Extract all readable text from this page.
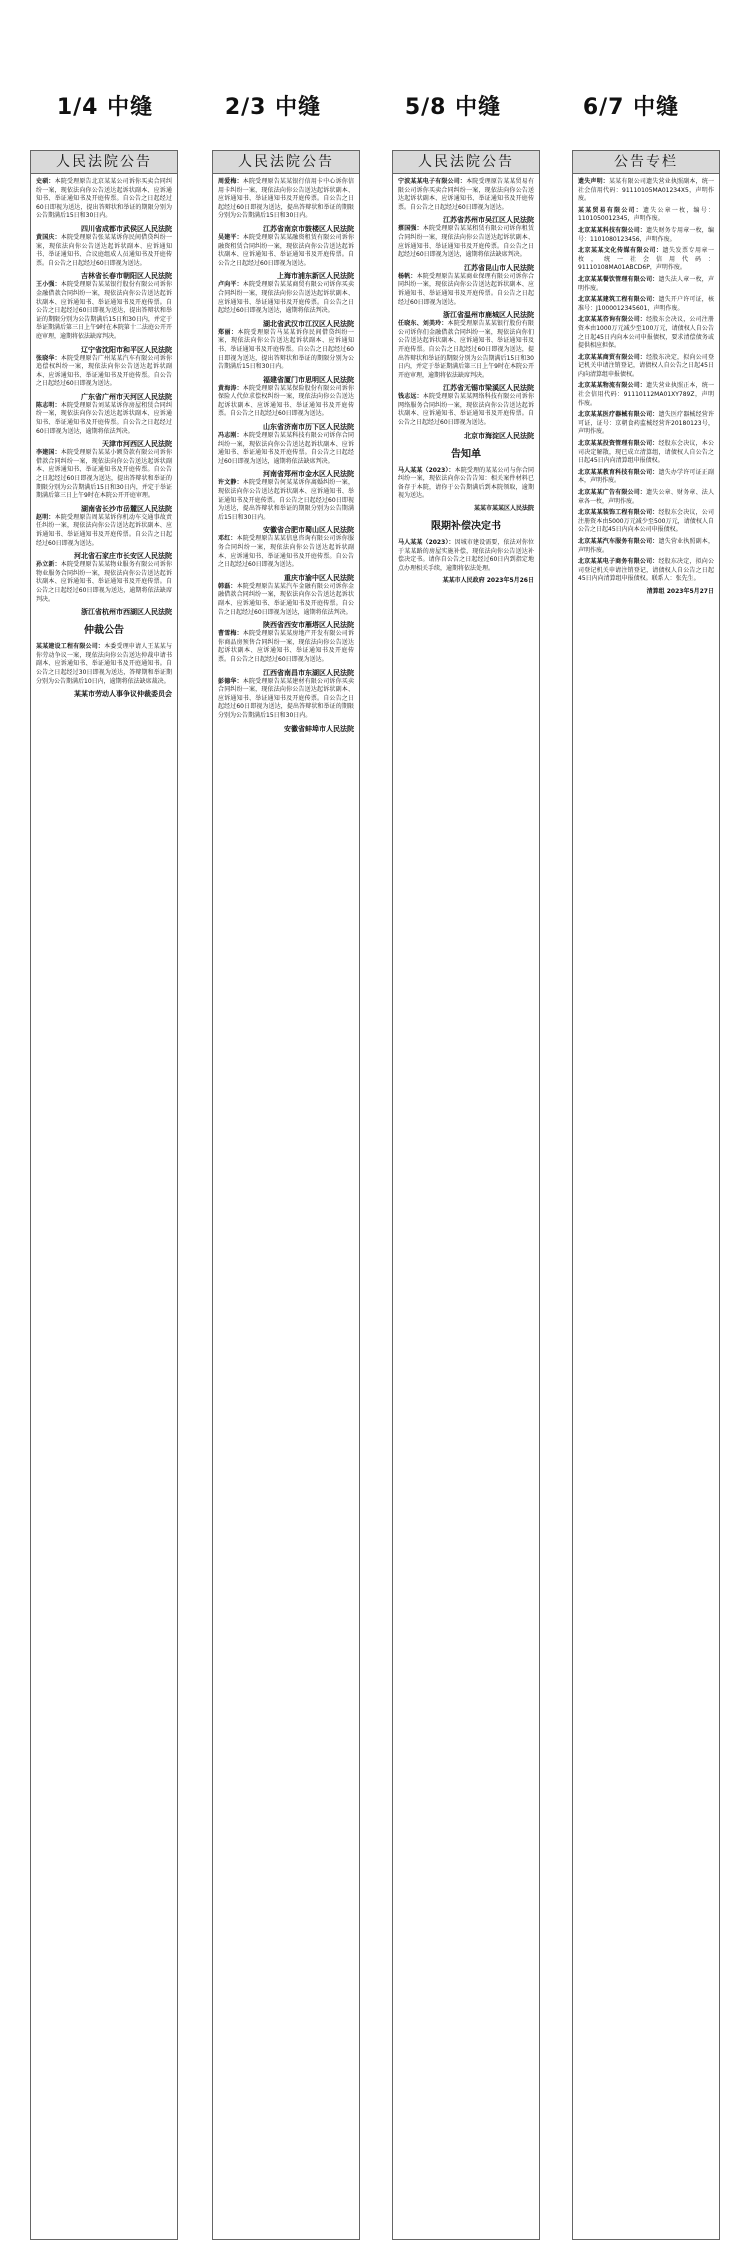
1/4 中缝	2/3 中缝	5/8 中缝	6/7 中缝
人民法院公告
史硕：本院受理原告北京某某公司诉你买卖合同纠纷一案，现依法向你公告送达起诉状副本、应诉通知书、举证通知书及开庭传票。自公告之日起经过60日即视为送达，提出答辩状和举证的期限分别为公告期满后15日和30日内。
四川省成都市武侯区人民法院
黄国庆：本院受理原告张某某诉你民间借贷纠纷一案，现依法向你公告送达起诉状副本、应诉通知书、举证通知书、合议庭组成人员通知书及开庭传票。自公告之日起经过60日即视为送达。
吉林省长春市朝阳区人民法院
王小强：本院受理原告某某银行股份有限公司诉你金融借款合同纠纷一案，现依法向你公告送达起诉状副本、应诉通知书、举证通知书及开庭传票。自公告之日起经过60日即视为送达，提出答辩状和举证的期限分别为公告期满后15日和30日内，并定于举证期满后第三日上午9时在本院第十二法庭公开开庭审理，逾期将依法缺席判决。
辽宁省沈阳市和平区人民法院
张晓华：本院受理原告广州某某汽车有限公司诉你追偿权纠纷一案，现依法向你公告送达起诉状副本、应诉通知书、举证通知书及开庭传票。自公告之日起经过60日即视为送达。
广东省广州市天河区人民法院
陈志明：本院受理原告刘某某诉你房屋租赁合同纠纷一案，现依法向你公告送达起诉状副本、应诉通知书、举证通知书及开庭传票。自公告之日起经过60日即视为送达，逾期将依法判决。
天津市河西区人民法院
李建国：本院受理原告某某小额贷款有限公司诉你借款合同纠纷一案，现依法向你公告送达起诉状副本、应诉通知书、举证通知书及开庭传票。自公告之日起经过60日即视为送达，提出答辩状和举证的期限分别为公告期满后15日和30日内，并定于举证期满后第三日上午9时在本院公开开庭审理。
湖南省长沙市岳麓区人民法院
赵明：本院受理原告周某某诉你机动车交通事故责任纠纷一案，现依法向你公告送达起诉状副本、应诉通知书、举证通知书及开庭传票。自公告之日起经过60日即视为送达。
河北省石家庄市长安区人民法院
孙立新：本院受理原告某某物业服务有限公司诉你物业服务合同纠纷一案，现依法向你公告送达起诉状副本、应诉通知书、举证通知书及开庭传票。自公告之日起经过60日即视为送达，逾期将依法缺席判决。
浙江省杭州市西湖区人民法院
仲裁公告
某某建设工程有限公司：本委受理申请人王某某与你劳动争议一案，现依法向你公告送达仲裁申请书副本、应诉通知书、举证通知书及开庭通知书。自公告之日起经过30日即视为送达，答辩期和举证期分别为公告期满后10日内，逾期将依法缺席裁决。
某某市劳动人事争议仲裁委员会
人民法院公告
周爱梅：本院受理原告某某银行信用卡中心诉你信用卡纠纷一案，现依法向你公告送达起诉状副本、应诉通知书、举证通知书及开庭传票。自公告之日起经过60日即视为送达，提出答辩状和举证的期限分别为公告期满后15日和30日内。
江苏省南京市鼓楼区人民法院
吴建平：本院受理原告某某融资租赁有限公司诉你融资租赁合同纠纷一案，现依法向你公告送达起诉状副本、应诉通知书、举证通知书及开庭传票。自公告之日起经过60日即视为送达。
上海市浦东新区人民法院
卢向平：本院受理原告某某商贸有限公司诉你买卖合同纠纷一案，现依法向你公告送达起诉状副本、应诉通知书、举证通知书及开庭传票。自公告之日起经过60日即视为送达，逾期将依法判决。
湖北省武汉市江汉区人民法院
郑丽：本院受理原告马某某诉你民间借贷纠纷一案，现依法向你公告送达起诉状副本、应诉通知书、举证通知书及开庭传票。自公告之日起经过60日即视为送达，提出答辩状和举证的期限分别为公告期满后15日和30日内。
福建省厦门市思明区人民法院
黄海涛：本院受理原告某某保险股份有限公司诉你保险人代位求偿权纠纷一案，现依法向你公告送达起诉状副本、应诉通知书、举证通知书及开庭传票。自公告之日起经过60日即视为送达。
山东省济南市历下区人民法院
冯志刚：本院受理原告某某科技有限公司诉你合同纠纷一案，现依法向你公告送达起诉状副本、应诉通知书、举证通知书及开庭传票。自公告之日起经过60日即视为送达，逾期将依法缺席判决。
河南省郑州市金水区人民法院
许文静：本院受理原告何某某诉你离婚纠纷一案，现依法向你公告送达起诉状副本、应诉通知书、举证通知书及开庭传票。自公告之日起经过60日即视为送达，提出答辩状和举证的期限分别为公告期满后15日和30日内。
安徽省合肥市蜀山区人民法院
邓红：本院受理原告某某信息咨询有限公司诉你服务合同纠纷一案，现依法向你公告送达起诉状副本、应诉通知书、举证通知书及开庭传票。自公告之日起经过60日即视为送达。
重庆市渝中区人民法院
韩磊：本院受理原告某某汽车金融有限公司诉你金融借款合同纠纷一案，现依法向你公告送达起诉状副本、应诉通知书、举证通知书及开庭传票。自公告之日起经过60日即视为送达，逾期将依法判决。
陕西省西安市雁塔区人民法院
曹雪梅：本院受理原告某某房地产开发有限公司诉你商品房预售合同纠纷一案，现依法向你公告送达起诉状副本、应诉通知书、举证通知书及开庭传票。自公告之日起经过60日即视为送达。
江西省南昌市东湖区人民法院
彭德华：本院受理原告某某建材有限公司诉你买卖合同纠纷一案，现依法向你公告送达起诉状副本、应诉通知书、举证通知书及开庭传票。自公告之日起经过60日即视为送达，提出答辩状和举证的期限分别为公告期满后15日和30日内。
安徽省蚌埠市人民法院
人民法院公告
宁波某某电子有限公司：本院受理原告某某贸易有限公司诉你买卖合同纠纷一案，现依法向你公告送达起诉状副本、应诉通知书、举证通知书及开庭传票。自公告之日起经过60日即视为送达。
江苏省苏州市吴江区人民法院
蔡国强：本院受理原告某某租赁有限公司诉你租赁合同纠纷一案，现依法向你公告送达起诉状副本、应诉通知书、举证通知书及开庭传票。自公告之日起经过60日即视为送达，逾期将依法缺席判决。
江苏省昆山市人民法院
杨帆：本院受理原告某某商业保理有限公司诉你合同纠纷一案，现依法向你公告送达起诉状副本、应诉通知书、举证通知书及开庭传票。自公告之日起经过60日即视为送达。
浙江省温州市鹿城区人民法院
任晓东、刘美玲：本院受理原告某某银行股份有限公司诉你们金融借款合同纠纷一案，现依法向你们公告送达起诉状副本、应诉通知书、举证通知书及开庭传票。自公告之日起经过60日即视为送达，提出答辩状和举证的期限分别为公告期满后15日和30日内，并定于举证期满后第三日上午9时在本院公开开庭审理，逾期将依法缺席判决。
江苏省无锡市梁溪区人民法院
钱志远：本院受理原告某某网络科技有限公司诉你网络服务合同纠纷一案，现依法向你公告送达起诉状副本、应诉通知书、举证通知书及开庭传票。自公告之日起经过60日即视为送达。
北京市海淀区人民法院
告知单
马人某某（2023）：本院受理的某某公司与你合同纠纷一案，现依法向你公告告知：相关案件材料已备存于本院，请你于公告期满后到本院领取，逾期视为送达。
某某市某某区人民法院
限期补偿决定书
马人某某（2023）：因城市建设需要，依法对你位于某某路的房屋实施补偿，现依法向你公告送达补偿决定书。请你自公告之日起经过60日内到指定地点办理相关手续，逾期将依法处理。
某某市人民政府 2023年5月26日
公告专栏
遗失声明：某某有限公司遗失营业执照副本，统一社会信用代码：91110105MA01234X5，声明作废。
某某贸易有限公司：遗失公章一枚，编号：1101050012345，声明作废。
北京某某科技有限公司：遗失财务专用章一枚，编号：1101080123456，声明作废。
北京某某文化传媒有限公司：遗失发票专用章一枚，统一社会信用代码：91110108MA01ABCD6P，声明作废。
北京某某餐饮管理有限公司：遗失法人章一枚，声明作废。
北京某某建筑工程有限公司：遗失开户许可证，核准号：J1000012345601，声明作废。
北京某某咨询有限公司：经股东会决议，公司注册资本由1000万元减少至100万元，请债权人自公告之日起45日内向本公司申报债权，要求清偿债务或提供相应担保。
北京某某商贸有限公司：经股东决定，拟向公司登记机关申请注销登记，请债权人自公告之日起45日内向清算组申报债权。
北京某某物流有限公司：遗失营业执照正本，统一社会信用代码：91110112MA01XY789Z，声明作废。
北京某某医疗器械有限公司：遗失医疗器械经营许可证，证号：京朝食药监械经营许20180123号，声明作废。
北京某某投资管理有限公司：经股东会决议，本公司决定解散，现已成立清算组，请债权人自公告之日起45日内向清算组申报债权。
北京某某教育科技有限公司：遗失办学许可证正副本，声明作废。
北京某某广告有限公司：遗失公章、财务章、法人章各一枚，声明作废。
北京某某装饰工程有限公司：经股东会决议，公司注册资本由5000万元减少至500万元，请债权人自公告之日起45日内向本公司申报债权。
北京某某汽车服务有限公司：遗失营业执照副本，声明作废。
北京某某电子商务有限公司：经股东决定，拟向公司登记机关申请注销登记，请债权人自公告之日起45日内向清算组申报债权。联系人：张先生。
清算组 2023年5月27日
